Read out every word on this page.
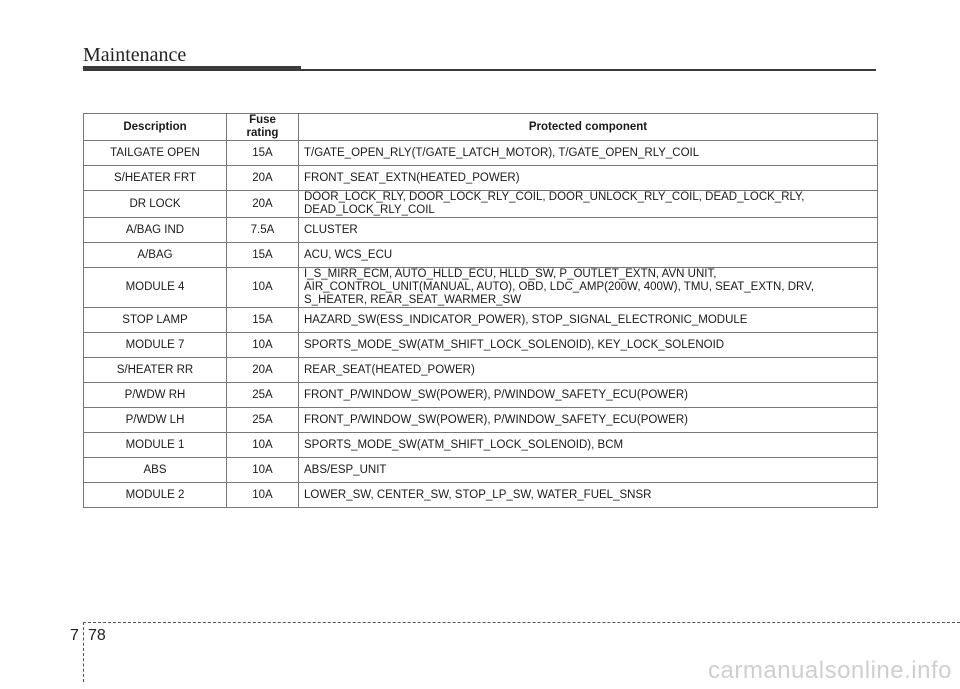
Maintenance
Description	Fuse rating	Protected component
TAILGATE OPEN	15A	T/GATE_OPEN_RLY(T/GATE_LATCH_MOTOR), T/GATE_OPEN_RLY_COIL
S/HEATER FRT	20A	FRONT_SEAT_EXTN(HEATED_POWER)
DR LOCK	20A	DOOR_LOCK_RLY, DOOR_LOCK_RLY_COIL, DOOR_UNLOCK_RLY_COIL, DEAD_LOCK_RLY,
DEAD_LOCK_RLY_COIL
A/BAG IND	7.5A	CLUSTER
A/BAG	15A	ACU, WCS_ECU
MODULE 4	10A	I_S_MIRR_ECM, AUTO_HLLD_ECU, HLLD_SW, P_OUTLET_EXTN, AVN UNIT,
AIR_CONTROL_UNIT(MANUAL, AUTO), OBD, LDC_AMP(200W, 400W), TMU, SEAT_EXTN, DRV,
S_HEATER, REAR_SEAT_WARMER_SW
STOP LAMP	15A	HAZARD_SW(ESS_INDICATOR_POWER), STOP_SIGNAL_ELECTRONIC_MODULE
MODULE 7	10A	SPORTS_MODE_SW(ATM_SHIFT_LOCK_SOLENOID), KEY_LOCK_SOLENOID
S/HEATER RR	20A	REAR_SEAT(HEATED_POWER)
P/WDW RH	25A	FRONT_P/WINDOW_SW(POWER), P/WINDOW_SAFETY_ECU(POWER)
P/WDW LH	25A	FRONT_P/WINDOW_SW(POWER), P/WINDOW_SAFETY_ECU(POWER)
MODULE 1	10A	SPORTS_MODE_SW(ATM_SHIFT_LOCK_SOLENOID), BCM
ABS	10A	ABS/ESP_UNIT
MODULE 2	10A	LOWER_SW, CENTER_SW, STOP_LP_SW, WATER_FUEL_SNSR
7 78
carmanualsonline.info
